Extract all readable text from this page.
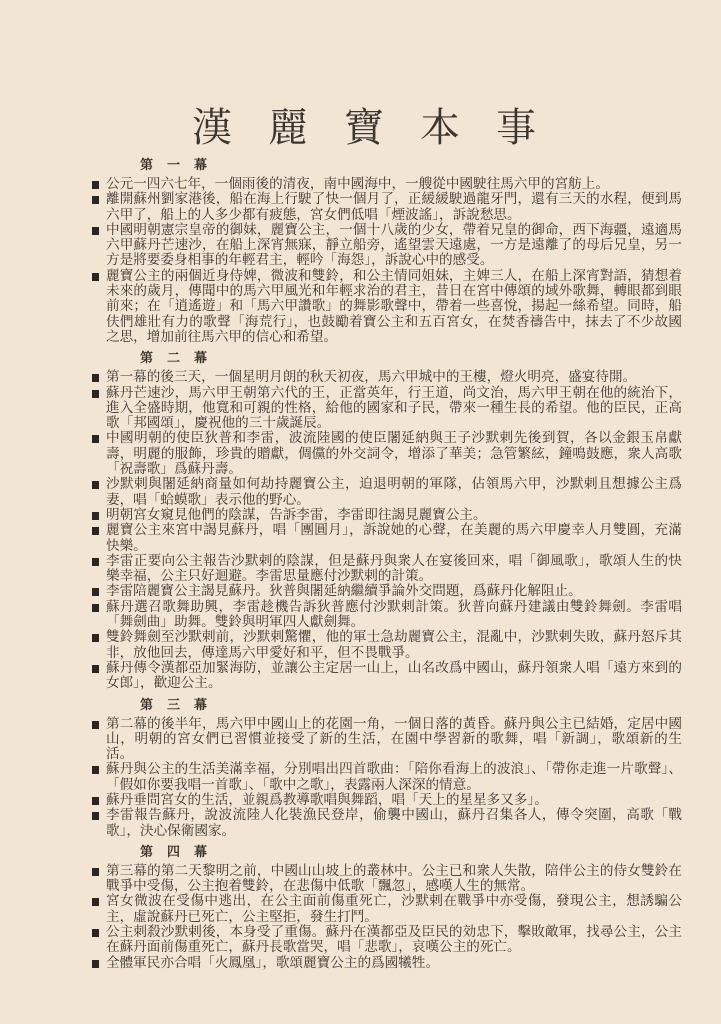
漢麗寶本事
第一幕

公元一四六七年，一個雨後的清夜，南中國海中，一艘從中國駛往馬六甲的宮舫上。

離開蘇州劉家港後，船在海上行駛了快一個月了，正緩緩駛過龍牙門，還有三天的水程，便到馬六甲了，船上的人多少都有疲態，宮女們低唱「煙波謠」，訴說愁思。

中國明朝憲宗皇帝的御妹，麗寶公主，一個十八歲的少女，帶着兄皇的御命，西下海疆，遠適馬六甲蘇丹芒速沙，在船上深宵無寐，靜立船旁，遙望雲天遠處，一方是遠離了的母后兄皇，另一方是將要委身相事的年輕君主，輕吟「海怨」，訴說心中的感受。

麗寶公主的兩個近身侍婢，微波和雙鈴，和公主情同姐妹，主婢三人，在船上深宵對語，猜想着未來的歲月，傳聞中的馬六甲風光和年輕求治的君主，昔日在宮中傳頌的域外歌舞，轉眼都到眼前來；在「逍遙遊」和「馬六甲讚歌」的舞影歌聲中，帶着一些喜悅，揚起一絲希望。同時，船伕們雄壯有力的歌聲「海荒行」，也鼓勵着寶公主和五百宮女，在焚香禱告中，抹去了不少故國之思，增加前往馬六甲的信心和希望。

第二幕

第一幕的後三天，一個星明月朗的秋天初夜，馬六甲城中的王樓，燈火明亮，盛宴待開。

蘇丹芒速沙，馬六甲王朝第六代的王，正當英年，行王道，尚文治，馬六甲王朝在他的統治下，進入全盛時期，他寬和可親的性格，給他的國家和子民，帶來一種生長的希望。他的臣民，正高歌「邦國頌」，慶祝他的三十歲誕辰。

中國明朝的使臣狄普和李雷，波流陸國的使臣闍延納與王子沙默剌先後到賀，各以金銀玉帛獻壽，明麗的服飾，珍貴的贈獻，倜儻的外交詞令，增添了華美；急管繁絃，鐘鳴鼓應，衆人高歌「祝壽歌」爲蘇丹壽。

沙默剌與闍延納商量如何劫持麗寶公主，迫退明朝的軍隊，佔領馬六甲，沙默剌且想據公主爲妻，唱「蛤蟆歌」表示他的野心。

明朝宮女窺見他們的陰謀，告訴李雷，李雷即往謁見麗寶公主。

麗寶公主來宮中謁見蘇丹，唱「團圓月」，訴說她的心聲，在美麗的馬六甲慶幸人月雙圓，充滿快樂。

李雷正要向公主報告沙默剌的陰謀，但是蘇丹與衆人在宴後回來，唱「御風歌」，歌頌人生的快樂幸福，公主只好迴避。李雷思量應付沙默剌的計策。

李雷陪麗寶公主謁見蘇丹。狄普與闍延納繼續爭論外交問題，爲蘇丹化解阻止。

蘇丹選召歌舞助興，李雷趁機告訴狄普應付沙默剌計策。狄普向蘇丹建議由雙鈴舞劍。李雷唱「舞劍曲」助舞。雙鈴與明軍四人獻劍舞。

雙鈴舞劍至沙默剌前，沙默剌驚懼，他的軍士急劫麗寶公主，混亂中，沙默剌失敗，蘇丹怒斥其非，放他回去，傳達馬六甲愛好和平，但不畏戰爭。

蘇丹傳令漢都亞加緊海防，並讓公主定居一山上，山名改爲中國山，蘇丹領衆人唱「遠方來到的女郎」，歡迎公主。

第三幕

第二幕的後半年，馬六甲中國山上的花園一角，一個日落的黃昏。蘇丹與公主已結婚，定居中國山，明朝的宮女們已習慣並接受了新的生活，在園中學習新的歌舞，唱「新調」，歌頌新的生活。

蘇丹與公主的生活美滿幸福，分別唱出四首歌曲：「陪你看海上的波浪」、「帶你走進一片歌聲」、「假如你要我唱一首歌」、「歌中之歌」，表露兩人深深的情意。

蘇丹垂問宮女的生活，並親爲教導歌唱與舞蹈，唱「天上的星星多又多」。

李雷報告蘇丹，說波流陸人化裝漁民登岸，偷襲中國山，蘇丹召集各人，傳令突圍，高歌「戰歌」，決心保衛國家。

第四幕

第三幕的第二天黎明之前，中國山山坡上的叢林中。公主已和衆人失散，陪伴公主的侍女雙鈴在戰爭中受傷，公主抱着雙鈴，在悲傷中低歌「飄忽」，感嘆人生的無常。

宮女微波在受傷中逃出，在公主面前傷重死亡，沙默剌在戰爭中亦受傷，發現公主，想誘騙公主，虛說蘇丹已死亡，公主堅拒，發生打鬥。

公主刺殺沙默剌後，本身受了重傷。蘇丹在漢都亞及臣民的効忠下，擊敗敵軍，找尋公主，公主在蘇丹面前傷重死亡，蘇丹長歌當哭，唱「悲歌」，哀嘆公主的死亡。

全體軍民亦合唱「火鳳凰」，歌頌麗寶公主的爲國犧牲。
